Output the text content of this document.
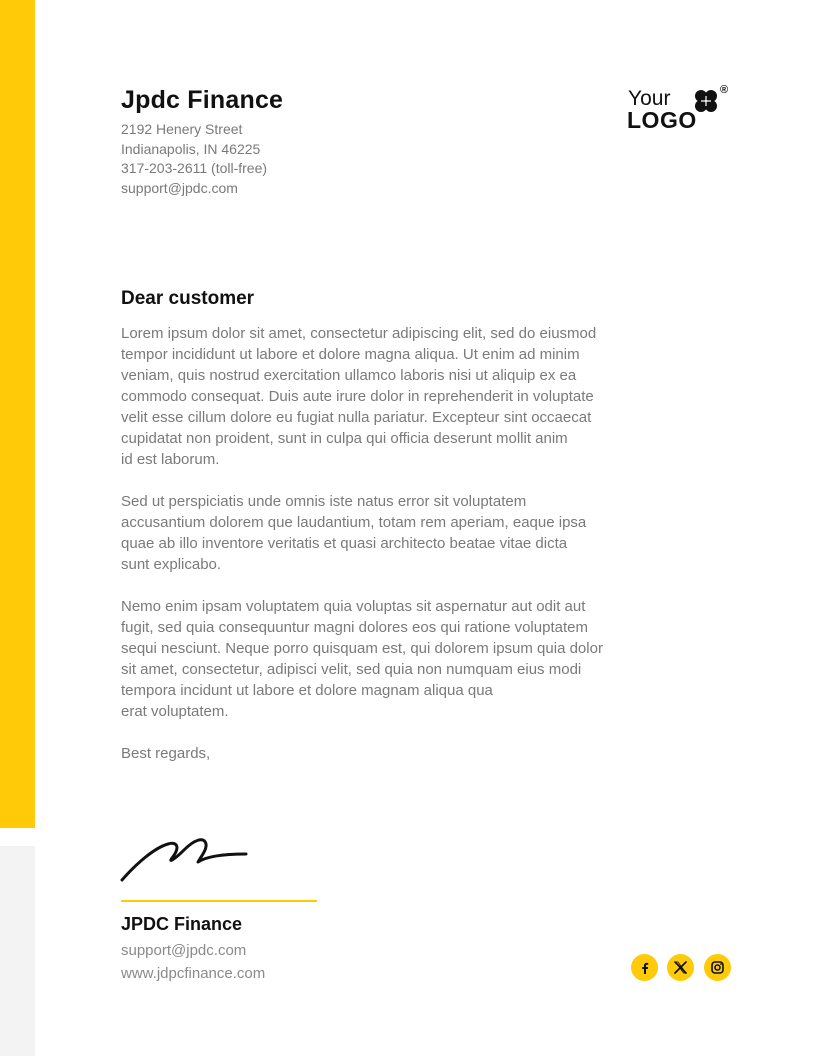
Jpdc Finance
2192 Henery Street
Indianapolis, IN 46225
317-203-2611 (toll-free)
support@jpdc.com
Your
LOGO
®
Dear customer

Lorem ipsum dolor sit amet, consectetur adipiscing elit, sed do eiusmod
tempor incididunt ut labore et dolore magna aliqua. Ut enim ad minim
veniam, quis nostrud exercitation ullamco laboris nisi ut aliquip ex ea
commodo consequat. Duis aute irure dolor in reprehenderit in voluptate
velit esse cillum dolore eu fugiat nulla pariatur. Excepteur sint occaecat
cupidatat non proident, sunt in culpa qui officia deserunt mollit anim
id est laborum.

Sed ut perspiciatis unde omnis iste natus error sit voluptatem
accusantium dolorem que laudantium, totam rem aperiam, eaque ipsa
quae ab illo inventore veritatis et quasi architecto beatae vitae dicta
sunt explicabo.

Nemo enim ipsam voluptatem quia voluptas sit aspernatur aut odit aut
fugit, sed quia consequuntur magni dolores eos qui ratione voluptatem
sequi nesciunt. Neque porro quisquam est, qui dolorem ipsum quia dolor
sit amet, consectetur, adipisci velit, sed quia non numquam eius modi
tempora incidunt ut labore et dolore magnam aliqua qua
erat voluptatem.

Best regards,

JPDC Finance
support@jpdc.com
www.jdpcfinance.com
